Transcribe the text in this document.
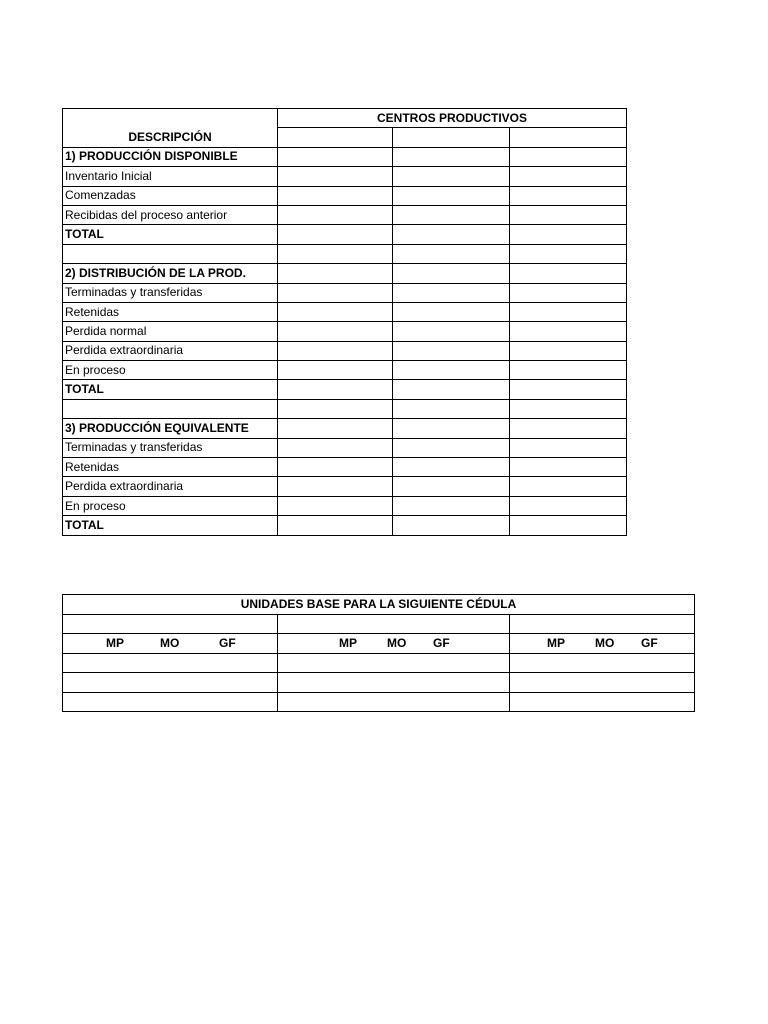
DESCRIPCIÓN	CENTROS PRODUCTIVOS		

1) PRODUCCIÓN DISPONIBLE			
Inventario Inicial			
Comenzadas			
Recibidas del proceso anterior			
TOTAL			

2) DISTRIBUCIÓN DE LA PROD.			
Terminadas y transferidas			
Retenidas			
Perdida normal			
Perdida extraordinaria			
En proceso			
TOTAL			

3) PRODUCCIÓN EQUIVALENTE			
Terminadas y transferidas			
Retenidas			
Perdida extraordinaria			
En proceso			
TOTAL			
UNIDADES BASE PARA LA SIGUIENTE CÉDULA		

MP MO GF	MP MO GF	MP MO GF
